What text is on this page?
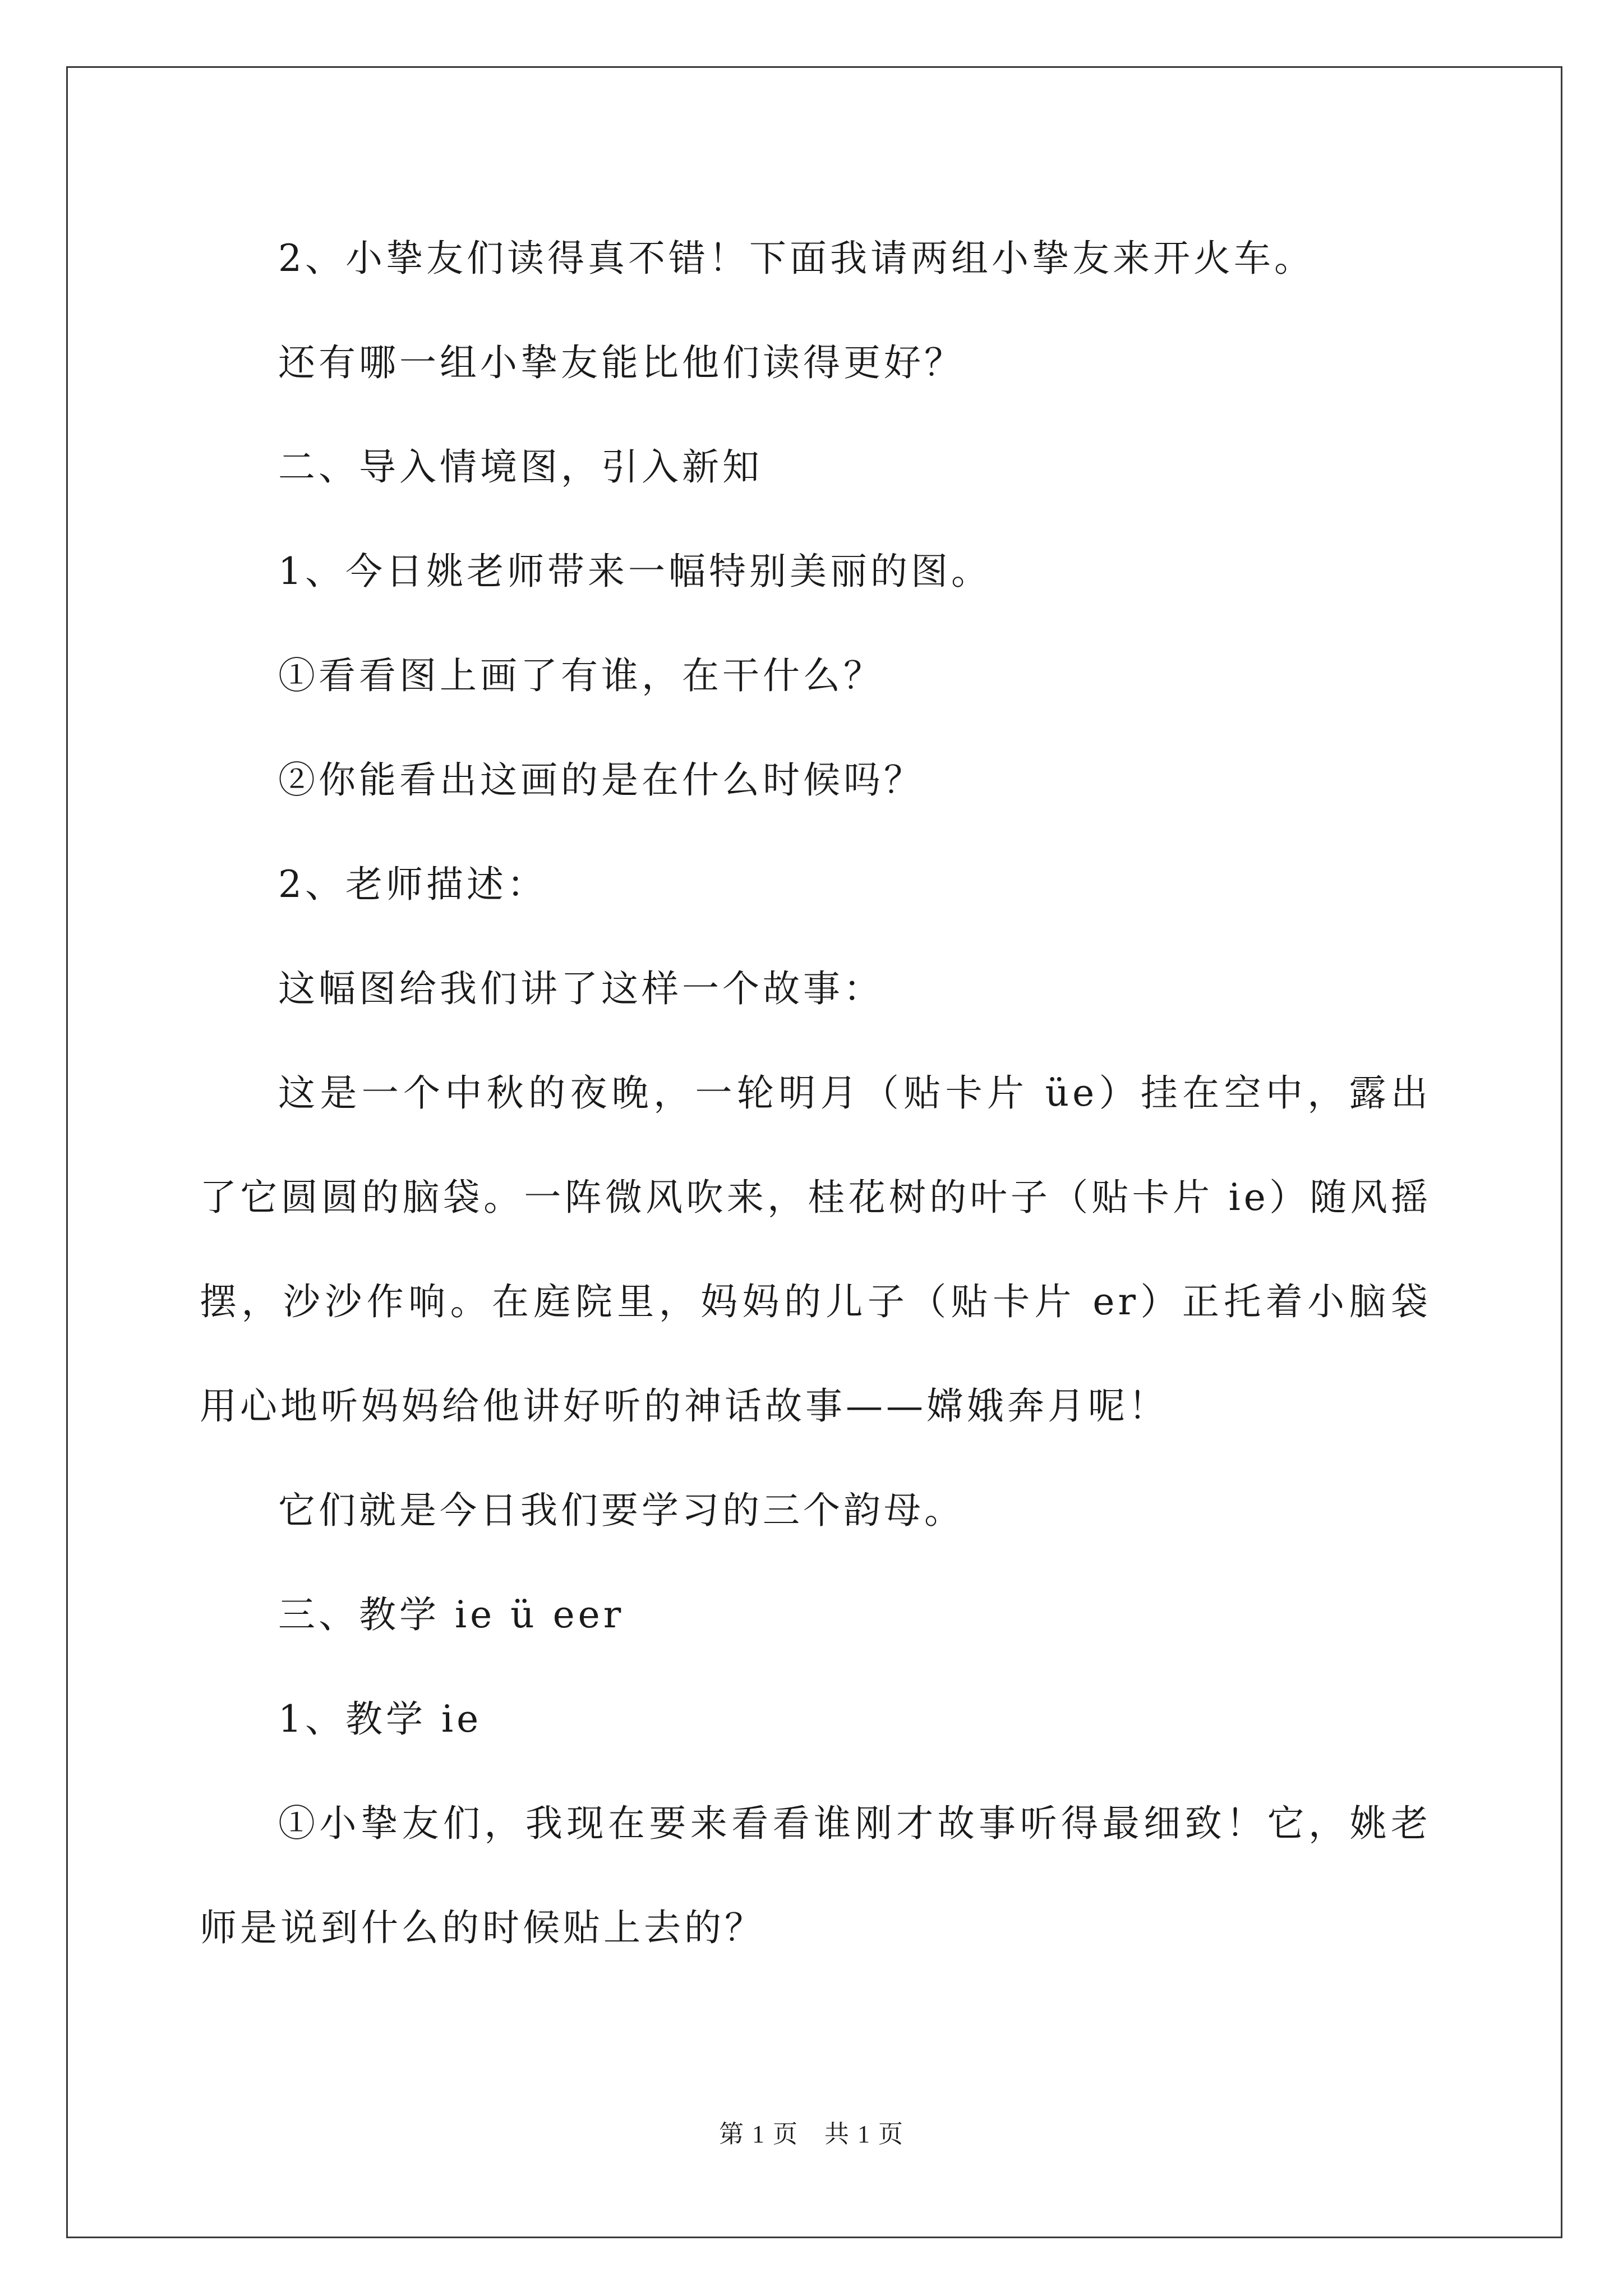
2、小挚友们读得真不错！下面我请两组小挚友来开火车。

还有哪一组小挚友能比他们读得更好？

二、导入情境图，引入新知

1、今日姚老师带来一幅特别美丽的图。

①看看图上画了有谁，在干什么？

②你能看出这画的是在什么时候吗？

2、老师描述：

这幅图给我们讲了这样一个故事：

这是一个中秋的夜晚，一轮明月（贴卡片 üe）挂在空中，露出了它圆圆的脑袋。一阵微风吹来，桂花树的叶子（贴卡片 ie）随风摇摆，沙沙作响。在庭院里，妈妈的儿子（贴卡片 er）正托着小脑袋用心地听妈妈给他讲好听的神话故事——嫦娥奔月呢！

它们就是今日我们要学习的三个韵母。

三、教学 ie ü eer

1、教学 ie

①小挚友们，我现在要来看看谁刚才故事听得最细致！它，姚老师是说到什么的时候贴上去的？

第 1 页　共 1 页
